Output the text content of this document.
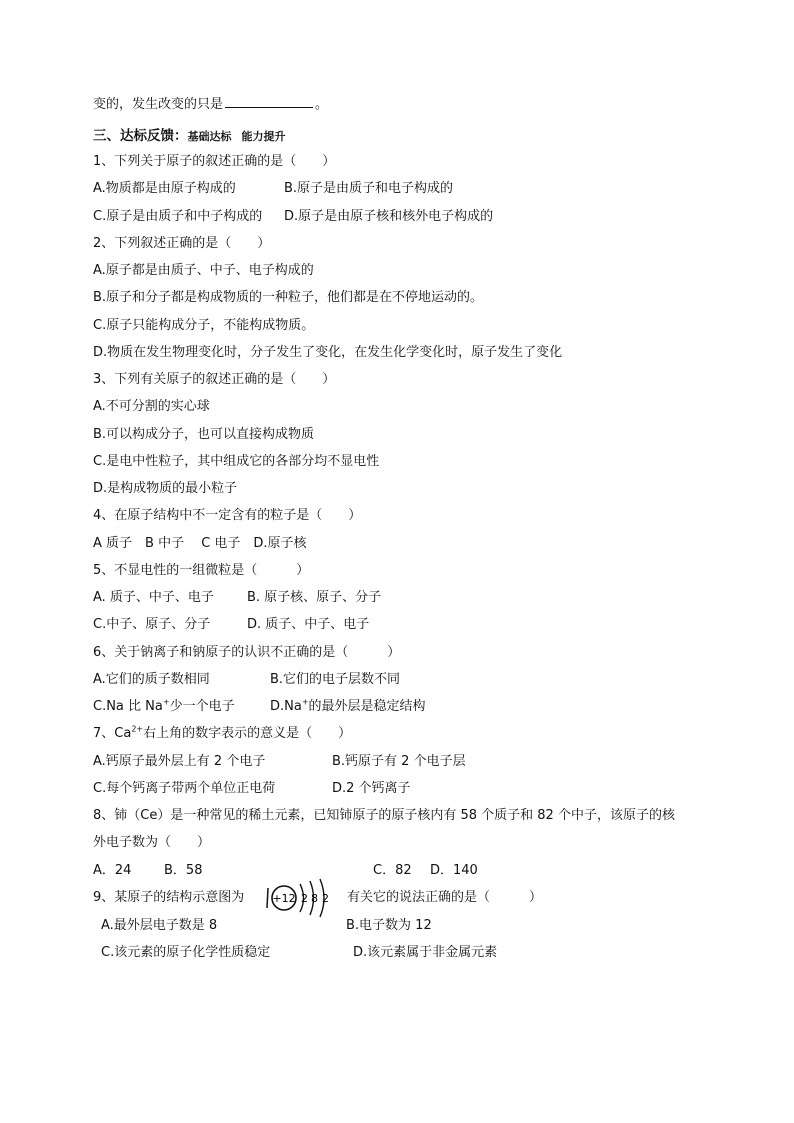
变的，发生改变的只是	。
三、达标反馈：基础达标 能力提升
1、下列关于原子的叙述正确的是（　　）
A.物质都是由原子构成的	B.原子是由质子和电子构成的
C.原子是由质子和中子构成的 D.原子是由原子核和核外电子构成的
2、下列叙述正确的是（　　）
A.原子都是由质子、中子、电子构成的
B.原子和分子都是构成物质的一种粒子，他们都是在不停地运动的。
C.原子只能构成分子，不能构成物质。
D.物质在发生物理变化时，分子发生了变化，在发生化学变化时，原子发生了变化
3、下列有关原子的叙述正确的是（　　）
A.不可分割的实心球
B.可以构成分子，也可以直接构成物质
C.是电中性粒子，其中组成它的各部分均不显电性
D.是构成物质的最小粒子
4、在原子结构中不一定含有的粒子是（　　）
A 质子　B 中子　 C 电子　D.原子核
5、不显电性的一组微粒是（　　　）
A. 质子、中子、电子	B. 原子核、原子、分子
C.中子、原子、分子	D. 质子、中子、电子
6、关于钠离子和钠原子的认识不正确的是（　　　）
A.它们的质子数相同	B.它们的电子层数不同
C.Na 比 Na+少一个电子	D.Na+的最外层是稳定结构
7、$Ca^{2+}$右上角的数字表示的意义是（　　）
A.钙原子最外层上有 2 个电子	B.钙原子有 2 个电子层
C.每个钙离子带两个单位正电荷	D.2 个钙离子
8、铈（Ce）是一种常见的稀土元素，已知铈原子的原子核内有 58 个质子和 82 个中子，该原子的核
外电子数为（　　）
A．24	B．58	C．82 D．140
9、某原子的结构示意图为	+12 2 8 2 有关它的说法正确的是（　　　）
A.最外层电子数是 8	B.电子数为 12
C.该元素的原子化学性质稳定	D.该元素属于非金属元素
